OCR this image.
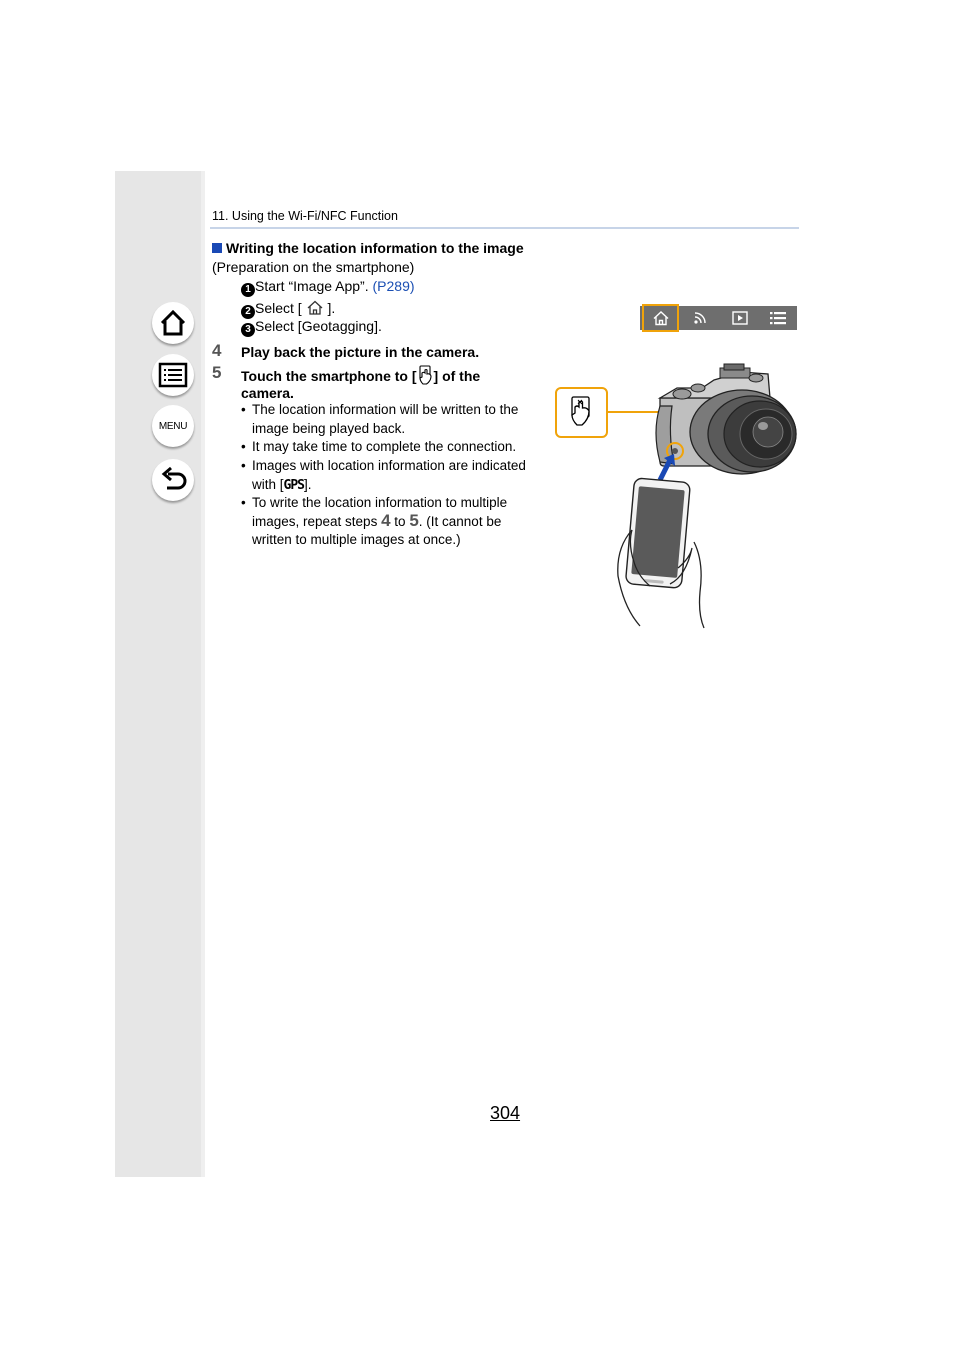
MENU
11. Using the Wi-Fi/NFC Function
Writing the location information to the image
(Preparation on the smartphone)
1 Start “Image App”. (P289)
2 Select [ ].
3 Select [Geotagging].
4 Play back the picture in the camera.
5 Touch the smartphone to [ ] of the
camera.
• The location information will be written to the
image being played back.
• It may take time to complete the connection.
• Images with location information are indicated
with [GPS].
• To write the location information to multiple
images, repeat steps 4 to 5. (It cannot be
written to multiple images at once.)
304
